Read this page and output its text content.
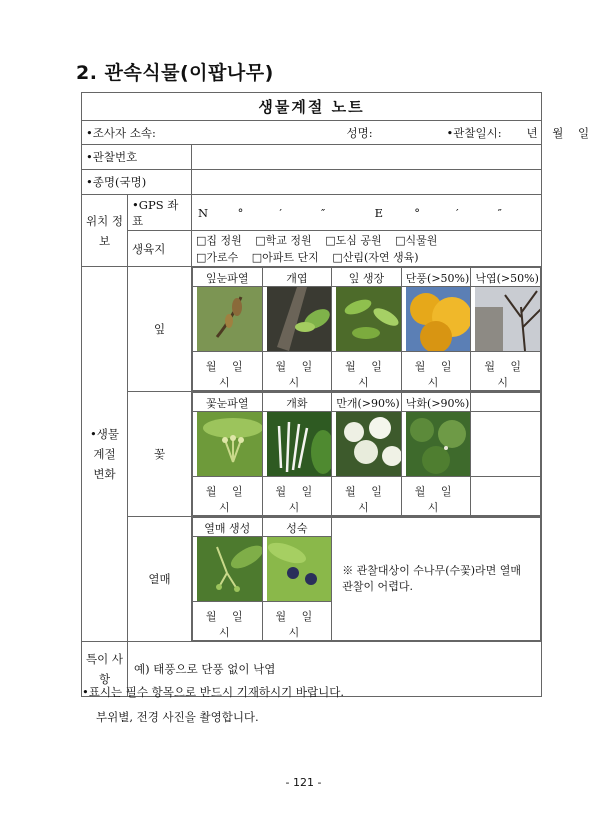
2. 관속식물(이팝나무)
생물계절 노트
•조사자 소속:	성명:	•관찰일시: 년    월    일

•관찰번호	
•종명(국명)	
위치 정보	•GPS 좌표	N	°	′	″	E	°	′	″
생육지	□집 정원 □학교 정원 □도심 공원 □식물원
□가로수 □아파트 단지 □산림(자연 생육)
•생물 계절 변화	잎	
잎눈파열	개엽	잎 생장	단풍(>50%)	낙엽(>50%)

월 일 시	월 일 시	월 일 시	월 일 시	월 일 시

꽃	
꽃눈파열	개화	만개(>90%)	낙화(>90%)	

월 일 시	월 일 시	월 일 시	월 일 시	

열매	
열매 생성	성숙	※ 관찰대상이 수나무(수꽃)라면 열매 관찰이 어렵다.

월 일 시	월 일 시

특이 사항	예) 태풍으로 단풍 없이 낙엽
•표시는 필수 항목으로 반드시 기재하시기 바랍니다.
부위별, 전경 사진을 촬영합니다.
- 121 -
